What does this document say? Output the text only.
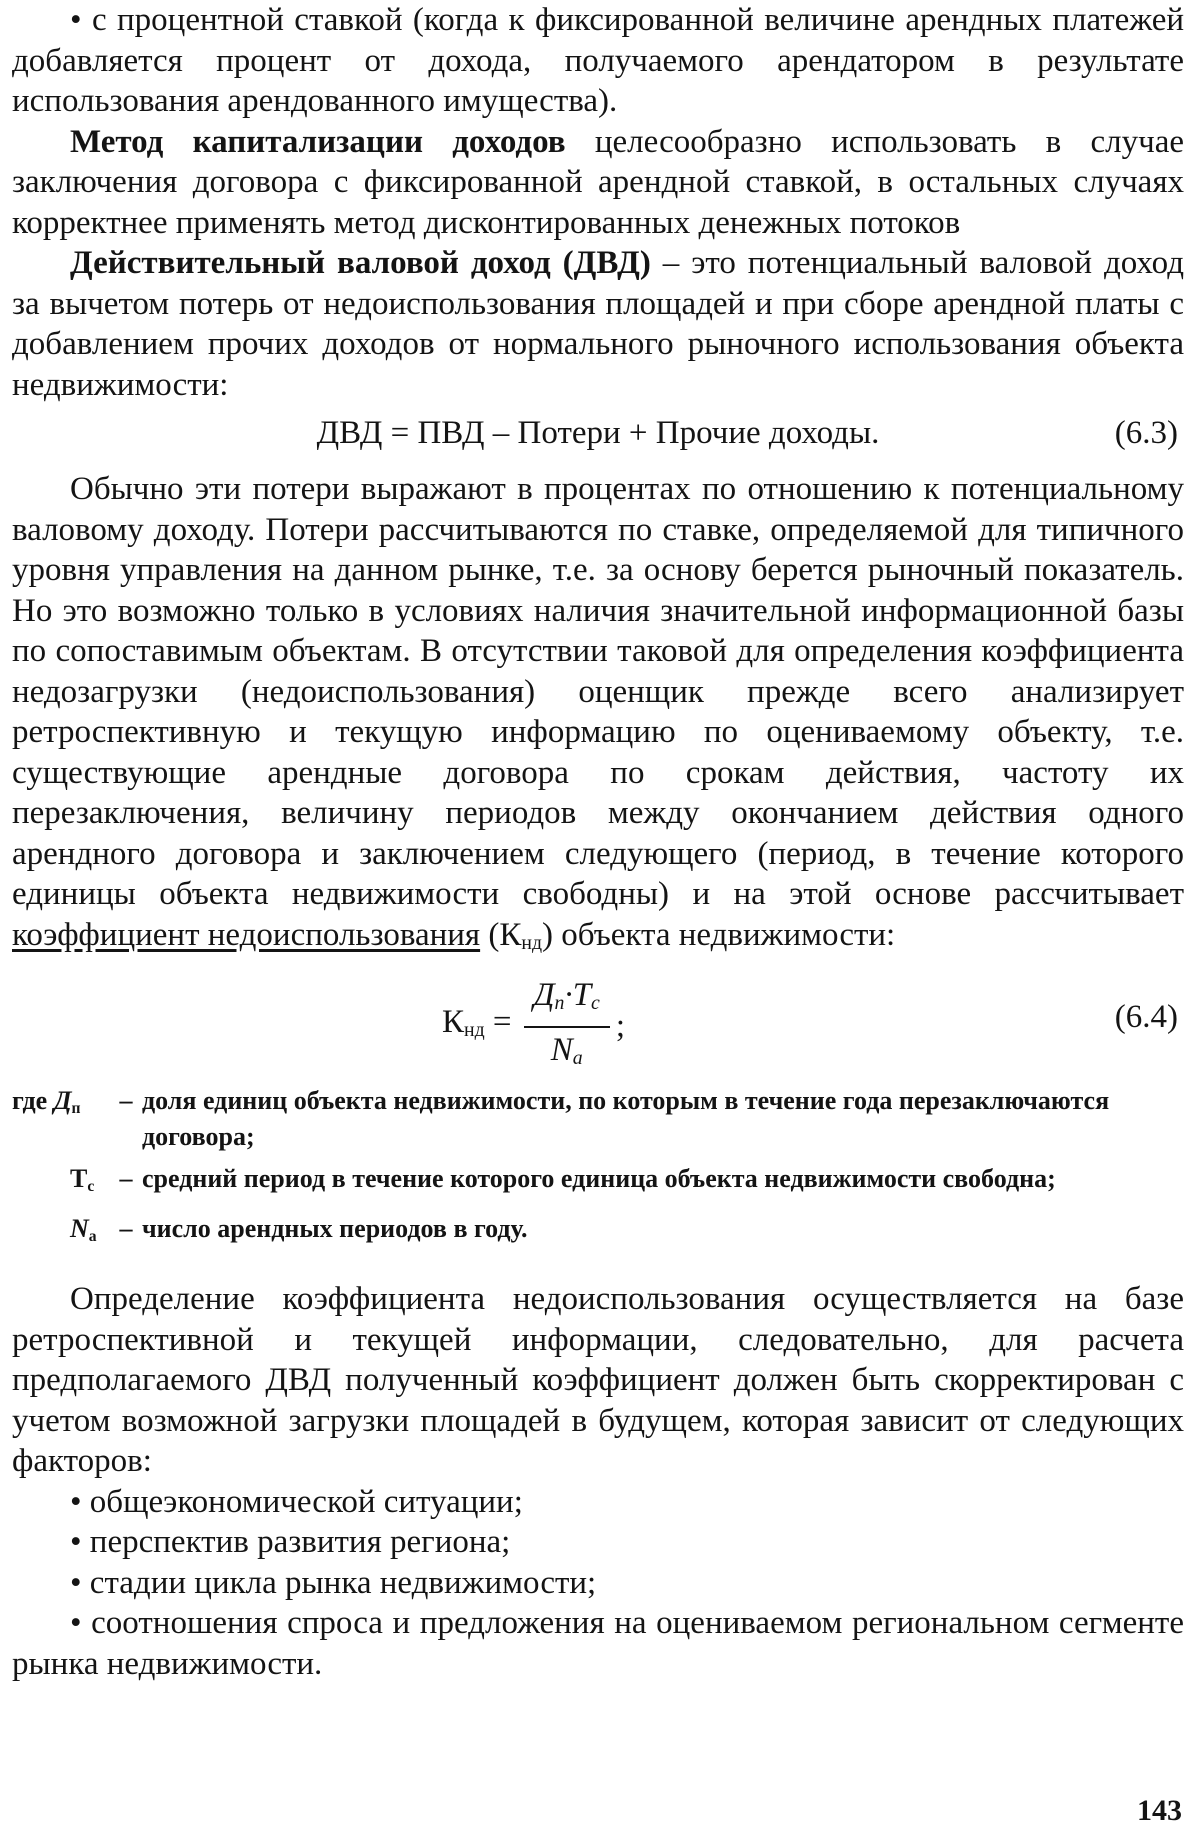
• с процентной ставкой (когда к фиксированной величине арендных платежей добавляется процент от дохода, получаемого арендатором в результате использования арендованного имущества).

Метод капитализации доходов целесообразно использовать в случае заключения договора с фиксированной арендной ставкой, в остальных случаях корректнее применять метод дисконтированных денежных потоков

Действительный валовой доход (ДВД) – это потенциальный валовой доход за вычетом потерь от недоиспользования площадей и при сборе арендной платы с добавлением прочих доходов от нормального рыночного использования объекта недвижимости:

ДВД = ПВД – Потери + Прочие доходы.	(6.3)

Обычно эти потери выражают в процентах по отношению к потенциальному валовому доходу. Потери рассчитываются по ставке, определяемой для типичного уровня управления на данном рынке, т.е. за основу берется рыночный показатель. Но это возможно только в условиях наличия значительной информационной базы по сопоставимым объектам. В отсутствии таковой для определения коэффициента недозагрузки (недоиспользования) оценщик прежде всего анализирует ретроспективную и текущую информацию по оцениваемому объекту, т.е. существующие арендные договора по срокам действия, частоту их перезаключения, величину периодов между окончанием действия одного арендного договора и заключением следующего (период, в течение которого единицы объекта недвижимости свободны) и на этой основе рассчитывает коэффициент недоиспользования $(К_{нд})$ объекта недвижимости:

$К_{нд} = \frac{Д_п\cdot Т_с}{N_а}$ ;	(6.4)
где $Д_п$	– доля единиц объекта недвижимости, по которым в течение года перезаключаются договора;
$Т_с$ – средний период в течение которого единица объекта недвижимости свободна;
$N_а$ – число арендных периодов в году.

Определение коэффициента недоиспользования осуществляется на базе ретроспективной и текущей информации, следовательно, для расчета предполагаемого ДВД полученный коэффициент должен быть скорректирован с учетом возможной загрузки площадей в будущем, которая зависит от следующих факторов:

• общеэкономической ситуации;

• перспектив развития региона;

• стадии цикла рынка недвижимости;

• соотношения спроса и предложения на оцениваемом региональном сегменте рынка недвижимости.

143
